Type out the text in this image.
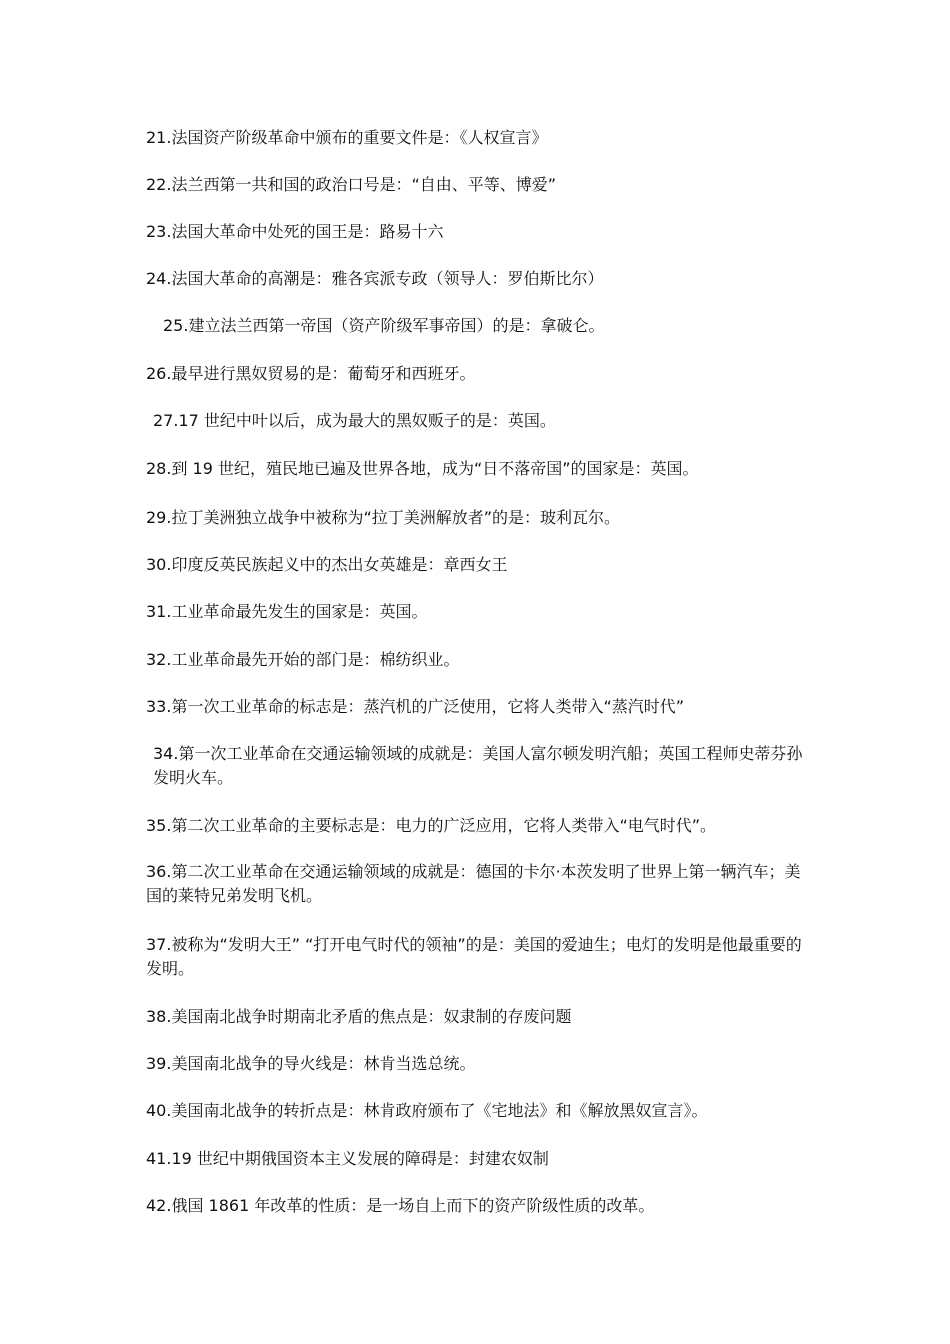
21.法国资产阶级革命中颁布的重要文件是：《人权宣言》
22.法兰西第一共和国的政治口号是：“自由、平等、博爱”
23.法国大革命中处死的国王是：路易十六
24.法国大革命的高潮是：雅各宾派专政（领导人：罗伯斯比尔）
25.建立法兰西第一帝国（资产阶级军事帝国）的是：拿破仑。
26.最早进行黑奴贸易的是：葡萄牙和西班牙。
27.17 世纪中叶以后，成为最大的黑奴贩子的是：英国。
28.到 19 世纪，殖民地已遍及世界各地，成为“日不落帝国”的国家是：英国。
29.拉丁美洲独立战争中被称为“拉丁美洲解放者”的是：玻利瓦尔。
30.印度反英民族起义中的杰出女英雄是：章西女王
31.工业革命最先发生的国家是：英国。
32.工业革命最先开始的部门是：棉纺织业。
33.第一次工业革命的标志是：蒸汽机的广泛使用，它将人类带入“蒸汽时代”
34.第一次工业革命在交通运输领域的成就是：美国人富尔顿发明汽船；英国工程师史蒂芬孙发明火车。
35.第二次工业革命的主要标志是：电力的广泛应用，它将人类带入“电气时代”。
36.第二次工业革命在交通运输领域的成就是：德国的卡尔·本茨发明了世界上第一辆汽车；美国的莱特兄弟发明飞机。
37.被称为“发明大王” “打开电气时代的领袖”的是：美国的爱迪生；电灯的发明是他最重要的发明。
38.美国南北战争时期南北矛盾的焦点是：奴隶制的存废问题
39.美国南北战争的导火线是：林肯当选总统。
40.美国南北战争的转折点是：林肯政府颁布了《宅地法》和《解放黑奴宣言》。
41.19 世纪中期俄国资本主义发展的障碍是：封建农奴制
42.俄国 1861 年改革的性质：是一场自上而下的资产阶级性质的改革。
